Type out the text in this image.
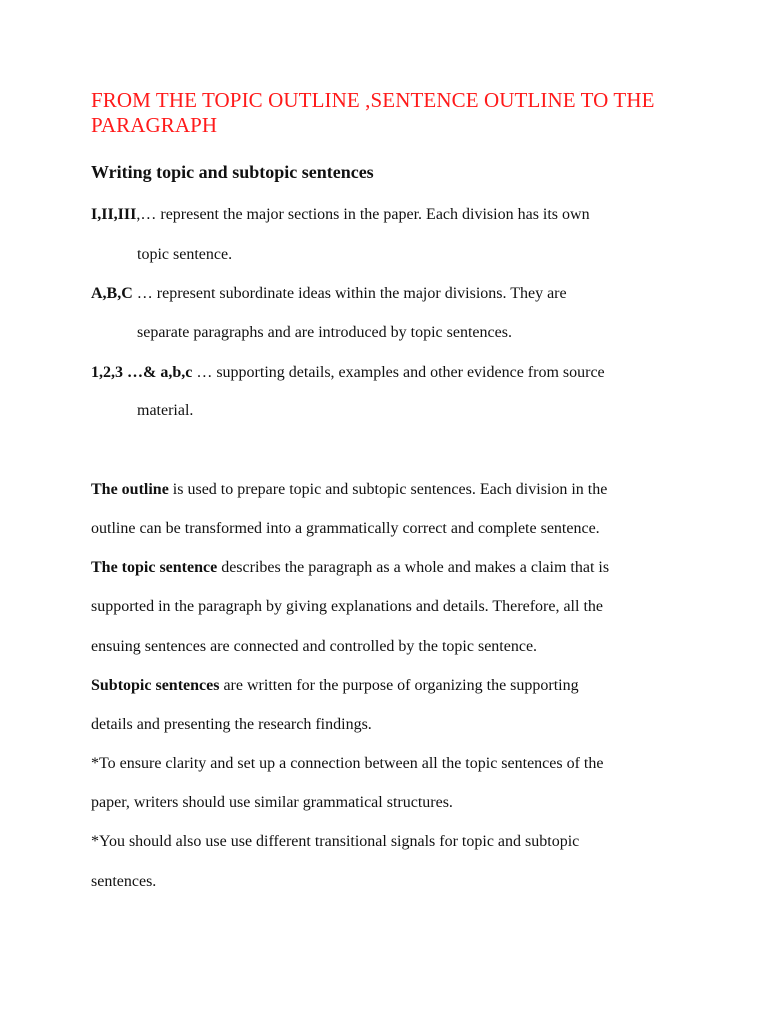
FROM THE TOPIC OUTLINE ,SENTENCE OUTLINE TO THE PARAGRAPH
Writing topic and subtopic sentences

I,II,III,… represent the major sections in the paper. Each division has its own

topic sentence.

A,B,C … represent subordinate ideas within the major divisions. They are

separate paragraphs and are introduced by topic sentences.

1,2,3 …& a,b,c … supporting details, examples and other evidence from source

material.

The outline is used to prepare topic and subtopic sentences. Each division in the

outline can be transformed into a grammatically correct and complete sentence.

The topic sentence describes the paragraph as a whole and makes a claim that is

supported in the paragraph by giving explanations and details. Therefore, all the

ensuing sentences are connected and controlled by the topic sentence.

Subtopic sentences are written for the purpose of organizing the supporting

details and presenting the research findings.

*To ensure clarity and set up a connection between all the topic sentences of the

paper, writers should use similar grammatical structures.

*You should also use use different transitional signals for topic and subtopic

sentences.
